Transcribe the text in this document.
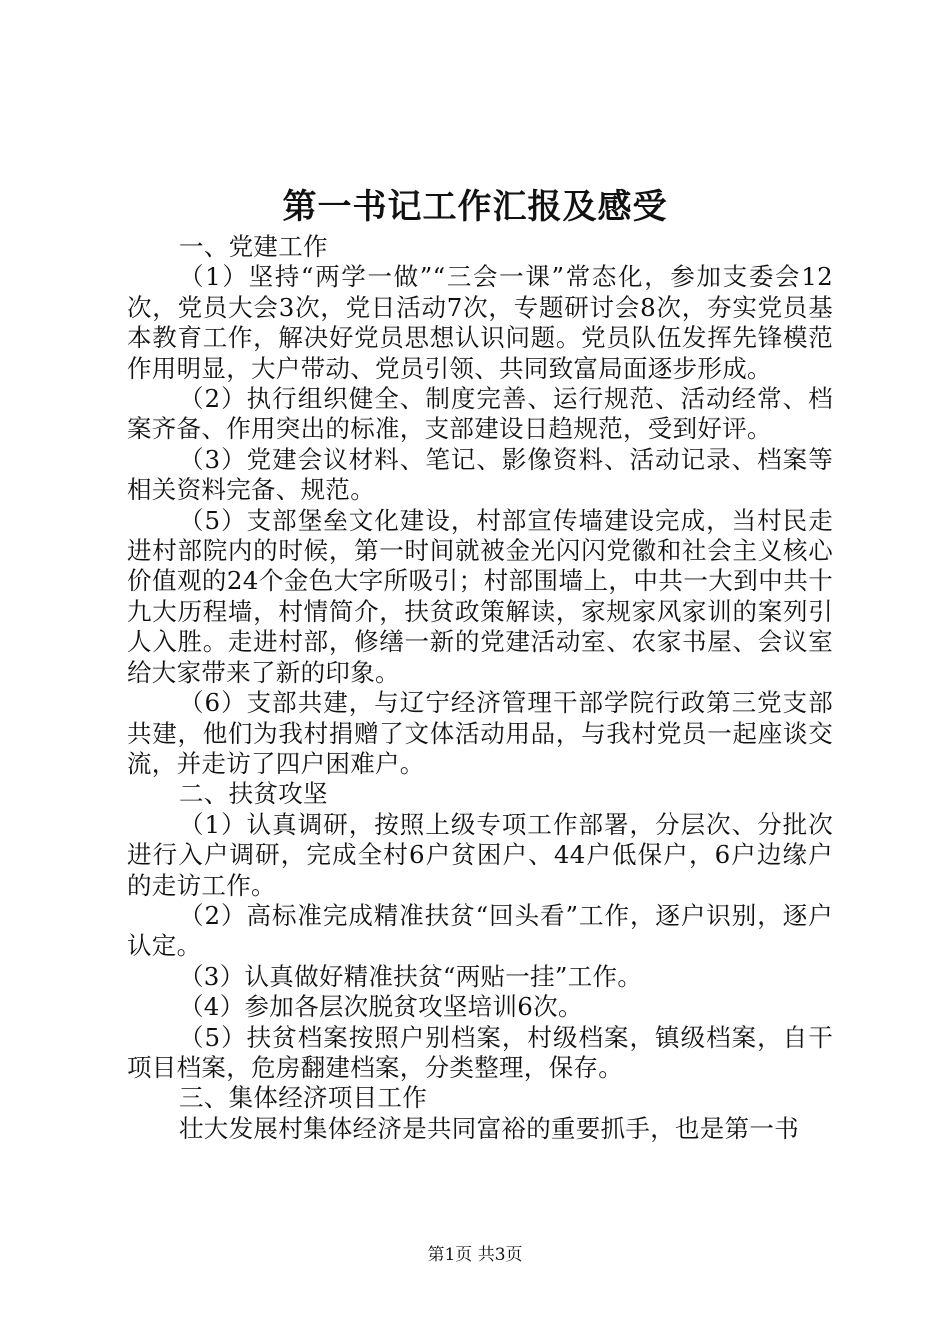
第一书记工作汇报及感受

一、党建工作

（1）坚持“两学一做”“三会一课”常态化，参加支委会12次，党员大会3次，党日活动7次，专题研讨会8次，夯实党员基本教育工作，解决好党员思想认识问题。党员队伍发挥先锋模范作用明显，大户带动、党员引领、共同致富局面逐步形成。

（2）执行组织健全、制度完善、运行规范、活动经常、档案齐备、作用突出的标准，支部建设日趋规范，受到好评。

（3）党建会议材料、笔记、影像资料、活动记录、档案等相关资料完备、规范。

（5）支部堡垒文化建设，村部宣传墙建设完成，当村民走进村部院内的时候，第一时间就被金光闪闪党徽和社会主义核心价值观的24个金色大字所吸引；村部围墙上，中共一大到中共十九大历程墙，村情简介，扶贫政策解读，家规家风家训的案列引人入胜。走进村部，修缮一新的党建活动室、农家书屋、会议室给大家带来了新的印象。

（6）支部共建，与辽宁经济管理干部学院行政第三党支部共建，他们为我村捐赠了文体活动用品，与我村党员一起座谈交流，并走访了四户困难户。

二、扶贫攻坚

（1）认真调研，按照上级专项工作部署，分层次、分批次进行入户调研，完成全村6户贫困户、44户低保户，6户边缘户的走访工作。

（2）高标准完成精准扶贫“回头看”工作，逐户识别，逐户认定。

（3）认真做好精准扶贫“两贴一挂”工作。

（4）参加各层次脱贫攻坚培训6次。

（5）扶贫档案按照户别档案，村级档案，镇级档案，自干项目档案，危房翻建档案，分类整理，保存。

三、集体经济项目工作

壮大发展村集体经济是共同富裕的重要抓手，也是第一书

第1页 共3页
